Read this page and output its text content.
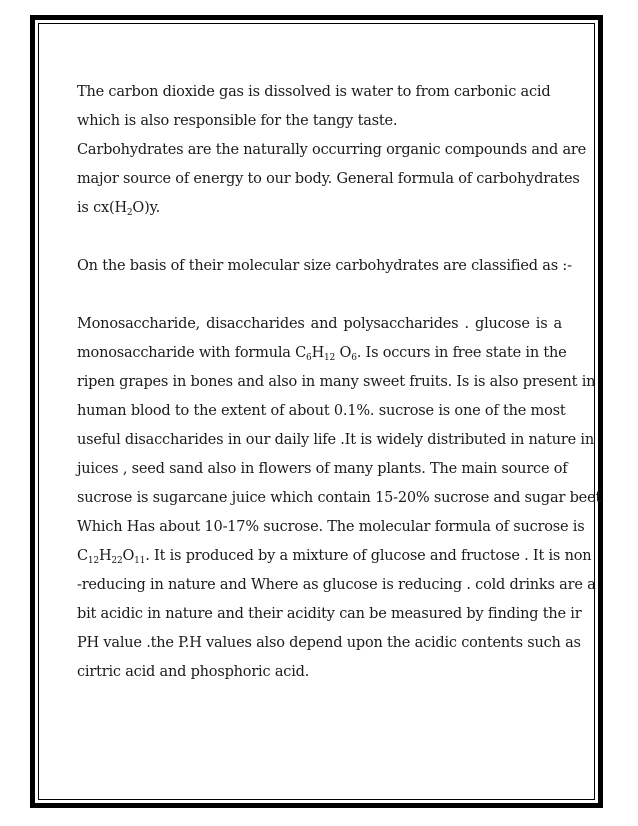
The carbon dioxide gas is dissolved is water to from carbonic acid
which is also responsible for the tangy taste.
Carbohydrates are the naturally occurring organic compounds and are
major source of energy to our body. General formula of carbohydrates
is $cx(H_2O)y$.
On the basis of their molecular size carbohydrates are classified as :-
Monosaccharide, disaccharides and polysaccharides . glucose is a
monosaccharide with formula $C_6H_{12}$ $O_6$. Is occurs in free state in the
ripen grapes in bones and also in many sweet fruits. Is is also present in
human blood to the extent of about 0.1%. sucrose is one of the most
useful disaccharides in our daily life .It is widely distributed in nature in
juices , seed sand also in flowers of many plants. The main source of
sucrose is sugarcane juice which contain 15-20% sucrose and sugar beet
Which Has about 10-17% sucrose. The molecular formula of sucrose is
$C_{12}H_{22}O_{11}$. It is produced by a mixture of glucose and fructose . It is non
-reducing in nature and Where as glucose is reducing . cold drinks are a
bit acidic in nature and their acidity can be measured by finding the ir
PH value .the P.H values also depend upon the acidic contents such as
cirtric acid and phosphoric acid.
